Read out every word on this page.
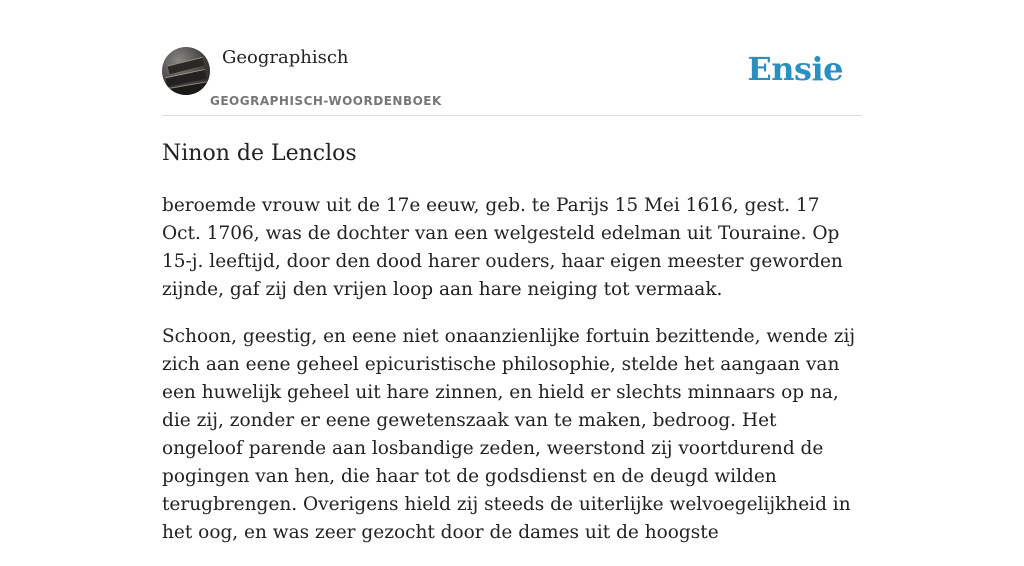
Geographisch
GEOGRAPHISCH-WOORDENBOEK
Ensie
Ninon de Lenclos

beroemde vrouw uit de 17e eeuw, geb. te Parijs 15 Mei 1616, gest. 17 Oct. 1706, was de dochter van een welgesteld edelman uit Touraine. Op 15-j. leeftijd, door den dood harer ouders, haar eigen meester geworden zijnde, gaf zij den vrijen loop aan hare neiging tot vermaak.

Schoon, geestig, en eene niet onaanzienlijke fortuin bezittende, wende zij zich aan eene geheel epicuristische philosophie, stelde het aangaan van een huwelijk geheel uit hare zinnen, en hield er slechts minnaars op na, die zij, zonder er eene gewetenszaak van te maken, bedroog. Het ongeloof parende aan losbandige zeden, weerstond zij voortdurend de pogingen van hen, die haar tot de godsdienst en de deugd wilden terugbrengen. Overigens hield zij steeds de uiterlijke welvoegelijkheid in het oog, en was zeer gezocht door de dames uit de hoogste
